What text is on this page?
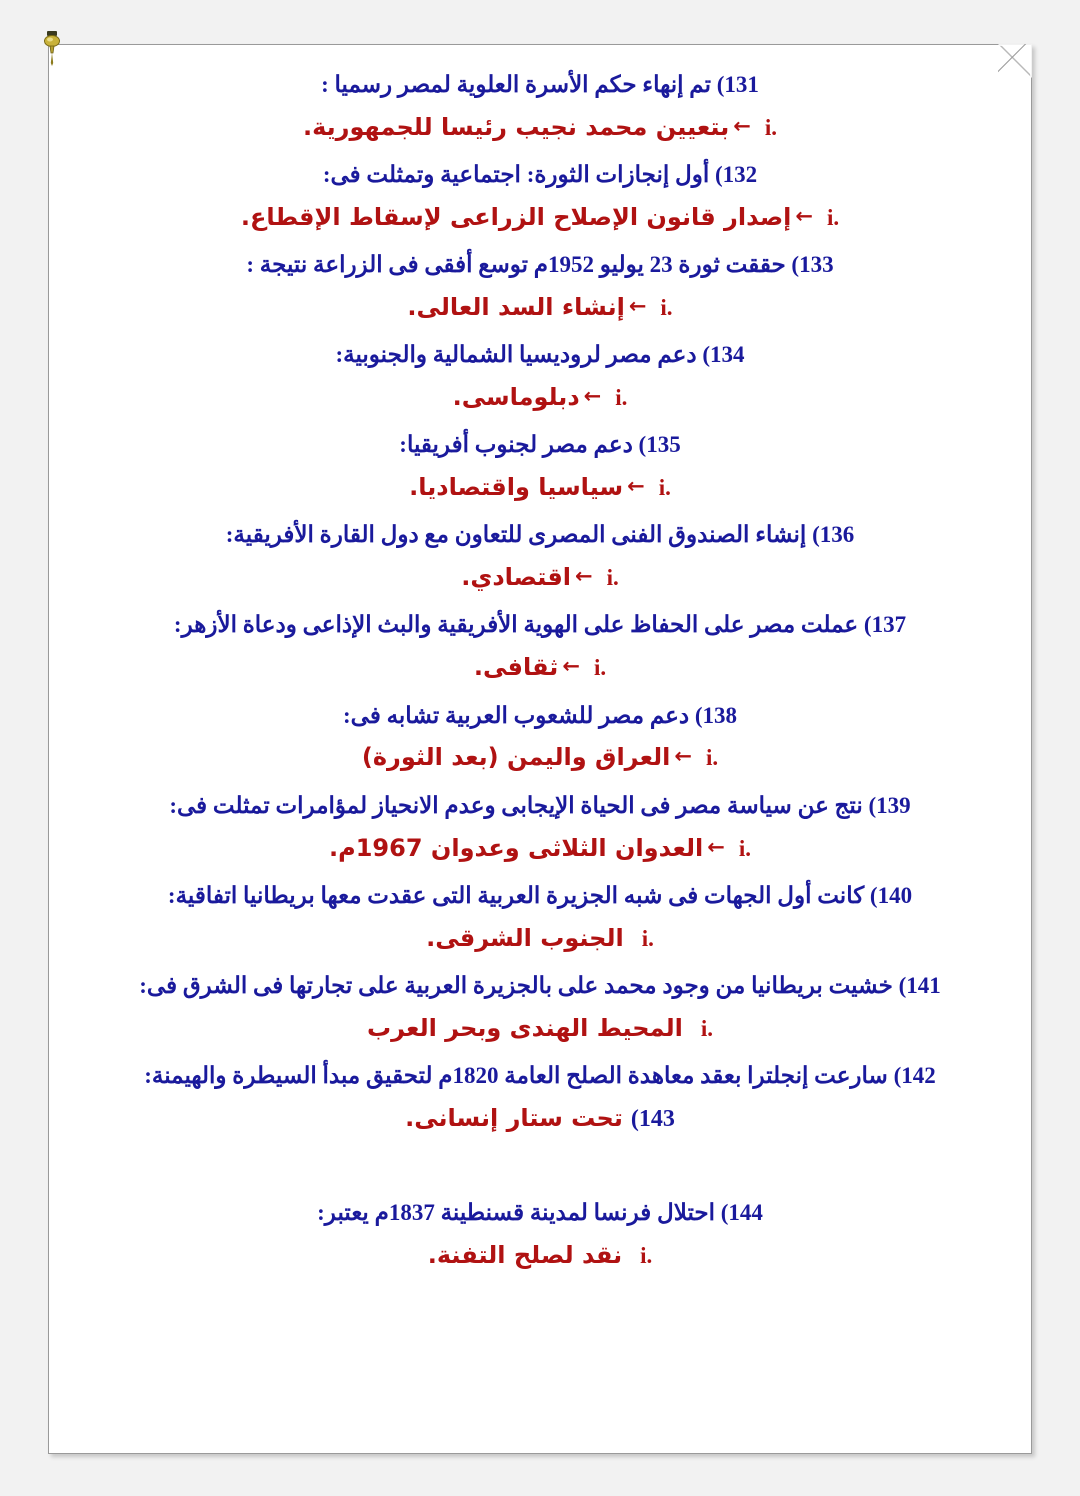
131) تم إنهاء حكم الأسرة العلوية لمصر رسميا :

i.←بتعيين محمد نجيب رئيسا للجمهورية.

132) أول إنجازات الثورة: اجتماعية وتمثلت فى:

i.←إصدار قانون الإصلاح الزراعى لإسقاط الإقطاع.

133) حققت ثورة 23 يوليو 1952م توسع أفقى فى الزراعة نتيجة :

i.←إنشاء السد العالى.

134) دعم مصر لروديسيا الشمالية والجنوبية:

i.←دبلوماسى.

135) دعم مصر لجنوب أفريقيا:

i.←سياسيا واقتصاديا.

136) إنشاء الصندوق الفنى المصرى للتعاون مع دول القارة الأفريقية:

i.←اقتصادي.

137) عملت مصر على الحفاظ على الهوية الأفريقية والبث الإذاعى ودعاة الأزهر:

i.←ثقافى.

138) دعم مصر للشعوب العربية تشابه فى:

i.←العراق واليمن (بعد الثورة)

139) نتج عن سياسة مصر فى الحياة الإيجابى وعدم الانحياز لمؤامرات تمثلت فى:

i.←العدوان الثلاثى وعدوان 1967م.

140) كانت أول الجهات فى شبه الجزيرة العربية التى عقدت معها بريطانيا اتفاقية:

i.الجنوب الشرقى.

141) خشيت بريطانيا من وجود محمد على بالجزيرة العربية على تجارتها فى الشرق فى:

i.المحيط الهندى وبحر العرب

142) سارعت إنجلترا بعقد معاهدة الصلح العامة 1820م لتحقيق مبدأ السيطرة والهيمنة:

143)تحت ستار إنسانى.

144) احتلال فرنسا لمدينة قسنطينة 1837م يعتبر:

i.نقد لصلح التفنة.
